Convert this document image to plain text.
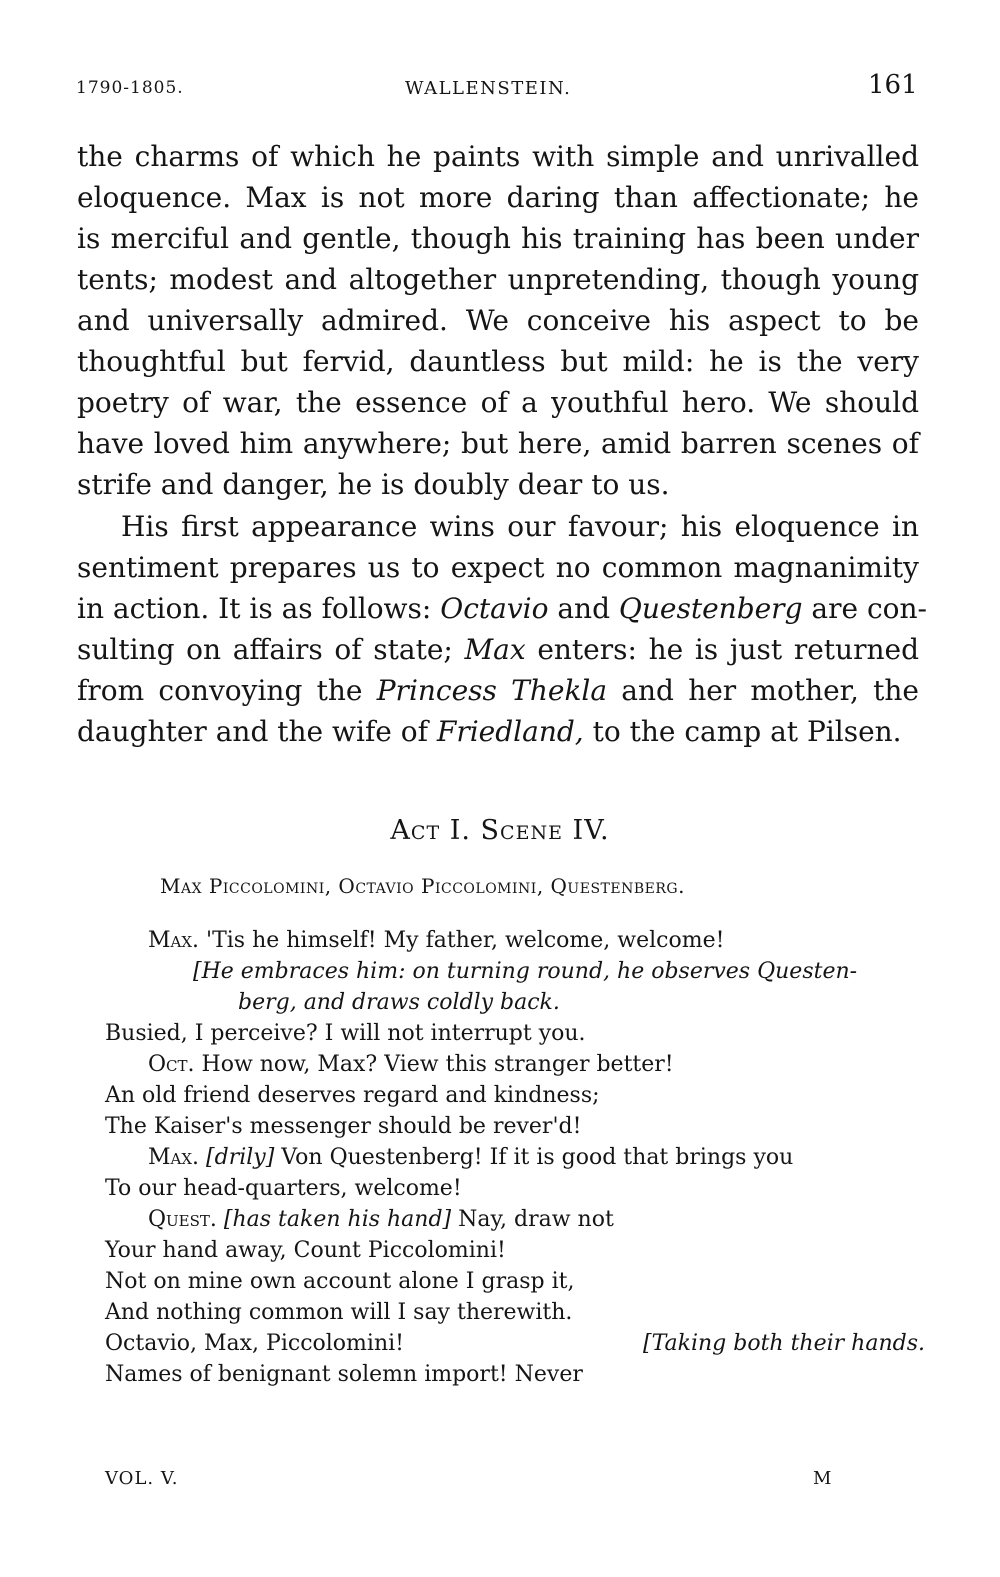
1790-1805.	WALLENSTEIN.	161
the charms of which he paints with simple and unrivalled
eloquence. Max is not more daring than affectionate; he
is merciful and gentle, though his training has been under
tents; modest and altogether unpretending, though young
and universally admired. We conceive his aspect to be
thoughtful but fervid, dauntless but mild: he is the very
poetry of war, the essence of a youthful hero. We should
have loved him anywhere; but here, amid barren scenes of
strife and danger, he is doubly dear to us.
His first appearance wins our favour; his eloquence in
sentiment prepares us to expect no common magnanimity
in action. It is as follows: Octavio and Questenberg are con-
sulting on affairs of state; Max enters: he is just returned
from convoying the Princess Thekla and her mother, the
daughter and the wife of Friedland, to the camp at Pilsen.
Act I. Scene IV.
Max Piccolomini, Octavio Piccolomini, Questenberg.
Max. 'Tis he himself! My father, welcome, welcome!
[He embraces him: on turning round, he observes Questen-
berg, and draws coldly back.
Busied, I perceive? I will not interrupt you.
Oct. How now, Max? View this stranger better!
An old friend deserves regard and kindness;
The Kaiser's messenger should be rever'd!
Max. [drily] Von Questenberg! If it is good that brings you
To our head-quarters, welcome!
Quest. [has taken his hand] Nay, draw not
Your hand away, Count Piccolomini!
Not on mine own account alone I grasp it,
And nothing common will I say therewith.
Octavio, Max, Piccolomini!	[Taking both their hands.
Names of benignant solemn import! Never
VOL. V.	M
